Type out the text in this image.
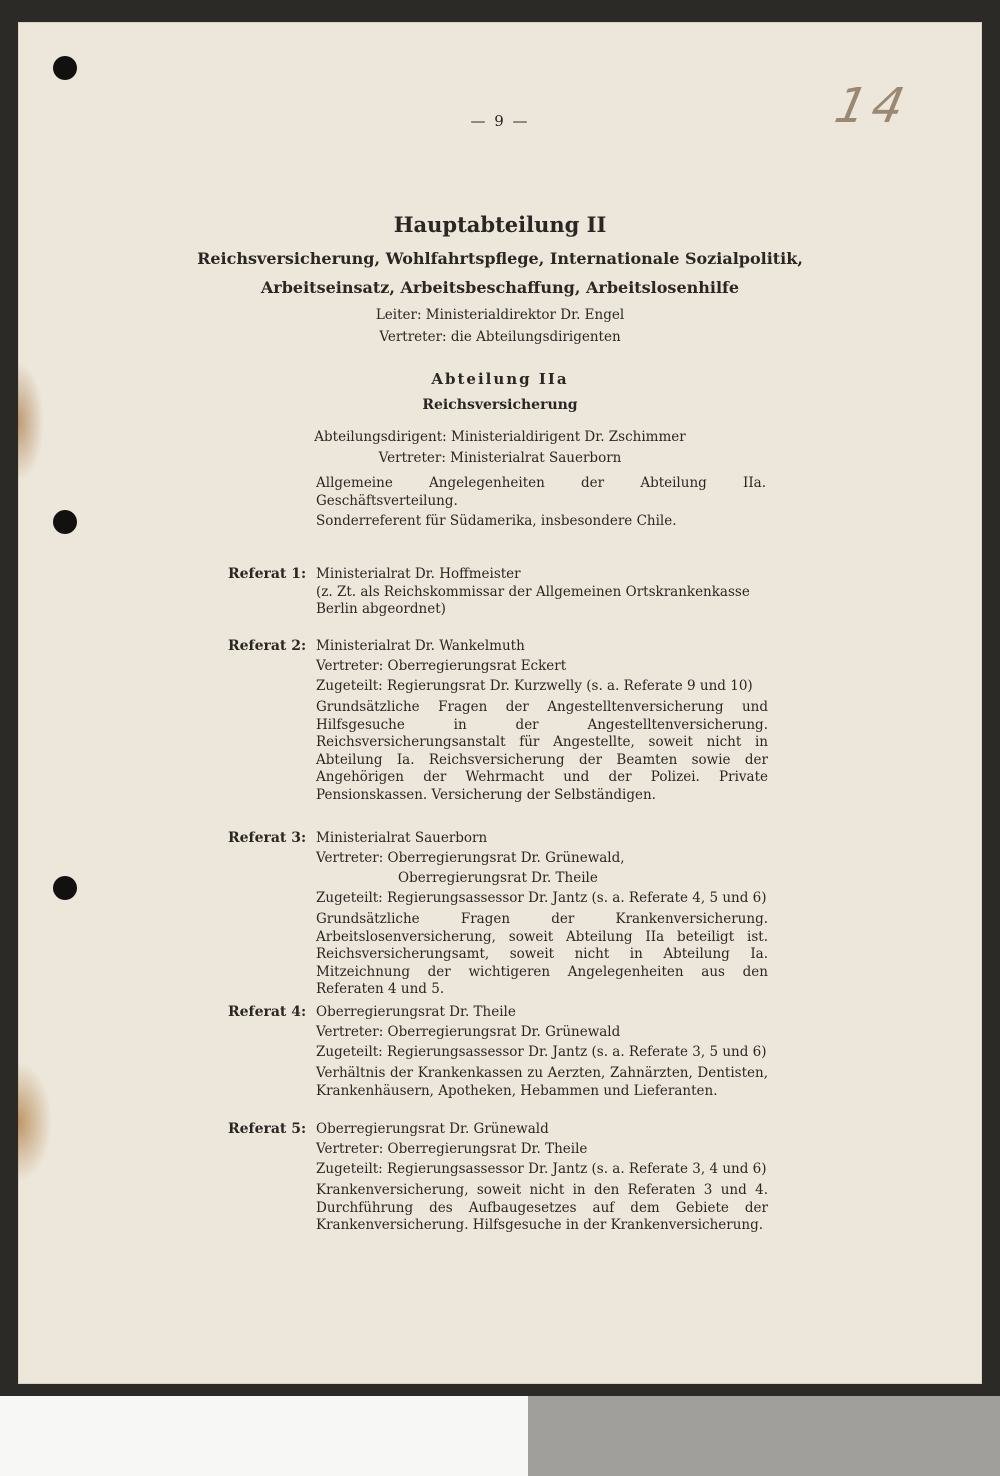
14
— 9 —
Hauptabteilung II
Reichsversicherung, Wohlfahrtspflege, Internationale Sozialpolitik,
Arbeitseinsatz, Arbeitsbeschaffung, Arbeitslosenhilfe
Leiter: Ministerialdirektor Dr. Engel
Vertreter: die Abteilungsdirigenten
Abteilung IIa
Reichsversicherung
Abteilungsdirigent: Ministerialdirigent Dr. Zschimmer
Vertreter: Ministerialrat Sauerborn
Allgemeine Angelegenheiten der Abteilung IIa. Geschäftsverteilung.
Sonderreferent für Südamerika, insbesondere Chile.
Referat 1: Ministerialrat Dr. Hoffmeister
(z. Zt. als Reichskommissar der Allgemeinen Ortskrankenkasse
Berlin abgeordnet)
Referat 2: Ministerialrat Dr. Wankelmuth
Vertreter: Oberregierungsrat Eckert
Zugeteilt: Regierungsrat Dr. Kurzwelly (s. a. Referate 9 und 10)
Grundsätzliche Fragen der Angestelltenversicherung und Hilfsgesuche in der Angestelltenversicherung. Reichsversicherungsanstalt für Angestellte, soweit nicht in Abteilung Ia. Reichsversicherung der Beamten sowie der Angehörigen der Wehrmacht und der Polizei. Private Pensionskassen. Versicherung der Selbständigen.
Referat 3: Ministerialrat Sauerborn
Vertreter: Oberregierungsrat Dr. Grünewald,
Oberregierungsrat Dr. Theile
Zugeteilt: Regierungsassessor Dr. Jantz (s. a. Referate 4, 5 und 6)
Grundsätzliche Fragen der Krankenversicherung. Arbeitslosenversicherung, soweit Abteilung IIa beteiligt ist. Reichsversicherungsamt, soweit nicht in Abteilung Ia. Mitzeichnung der wichtigeren Angelegenheiten aus den Referaten 4 und 5.
Referat 4: Oberregierungsrat Dr. Theile
Vertreter: Oberregierungsrat Dr. Grünewald
Zugeteilt: Regierungsassessor Dr. Jantz (s. a. Referate 3, 5 und 6)
Verhältnis der Krankenkassen zu Aerzten, Zahnärzten, Dentisten, Krankenhäusern, Apotheken, Hebammen und Lieferanten.
Referat 5: Oberregierungsrat Dr. Grünewald
Vertreter: Oberregierungsrat Dr. Theile
Zugeteilt: Regierungsassessor Dr. Jantz (s. a. Referate 3, 4 und 6)
Krankenversicherung, soweit nicht in den Referaten 3 und 4. Durchführung des Aufbaugesetzes auf dem Gebiete der Krankenversicherung. Hilfsgesuche in der Krankenversicherung.
